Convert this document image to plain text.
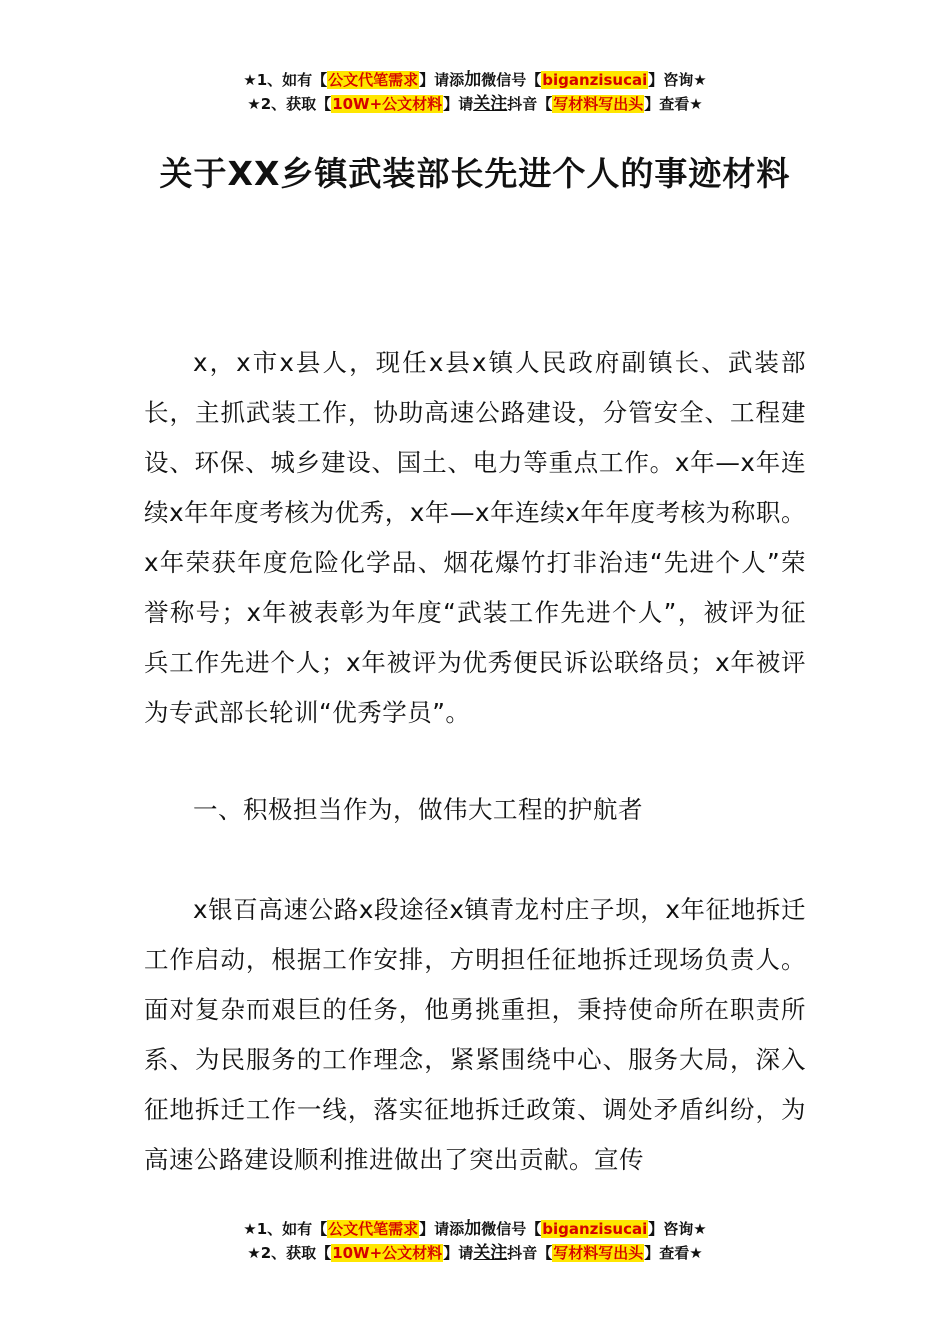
★1、如有【公文代笔需求】请添加微信号【biganzisucai】咨询★
★2、获取【10W+公文材料】请关注抖音【写材料写出头】查看★
关于XX乡镇武装部长先进个人的事迹材料

x，x市x县人，现任x县x镇人民政府副镇长、武装部长，主抓武装工作，协助高速公路建设，分管安全、工程建设、环保、城乡建设、国土、电力等重点工作。x年—x年连续x年年度考核为优秀，x年—x年连续x年年度考核为称职。x年荣获年度危险化学品、烟花爆竹打非治违“先进个人”荣誉称号；x年被表彰为年度“武装工作先进个人”，被评为征兵工作先进个人；x年被评为优秀便民诉讼联络员；x年被评为专武部长轮训“优秀学员”。

一、积极担当作为，做伟大工程的护航者

x银百高速公路x段途径x镇青龙村庄子坝，x年征地拆迁工作启动，根据工作安排，方明担任征地拆迁现场负责人。面对复杂而艰巨的任务，他勇挑重担，秉持使命所在职责所系、为民服务的工作理念，紧紧围绕中心、服务大局，深入征地拆迁工作一线，落实征地拆迁政策、调处矛盾纠纷，为高速公路建设顺利推进做出了突出贡献。宣传

★1、如有【公文代笔需求】请添加微信号【biganzisucai】咨询★
★2、获取【10W+公文材料】请关注抖音【写材料写出头】查看★
